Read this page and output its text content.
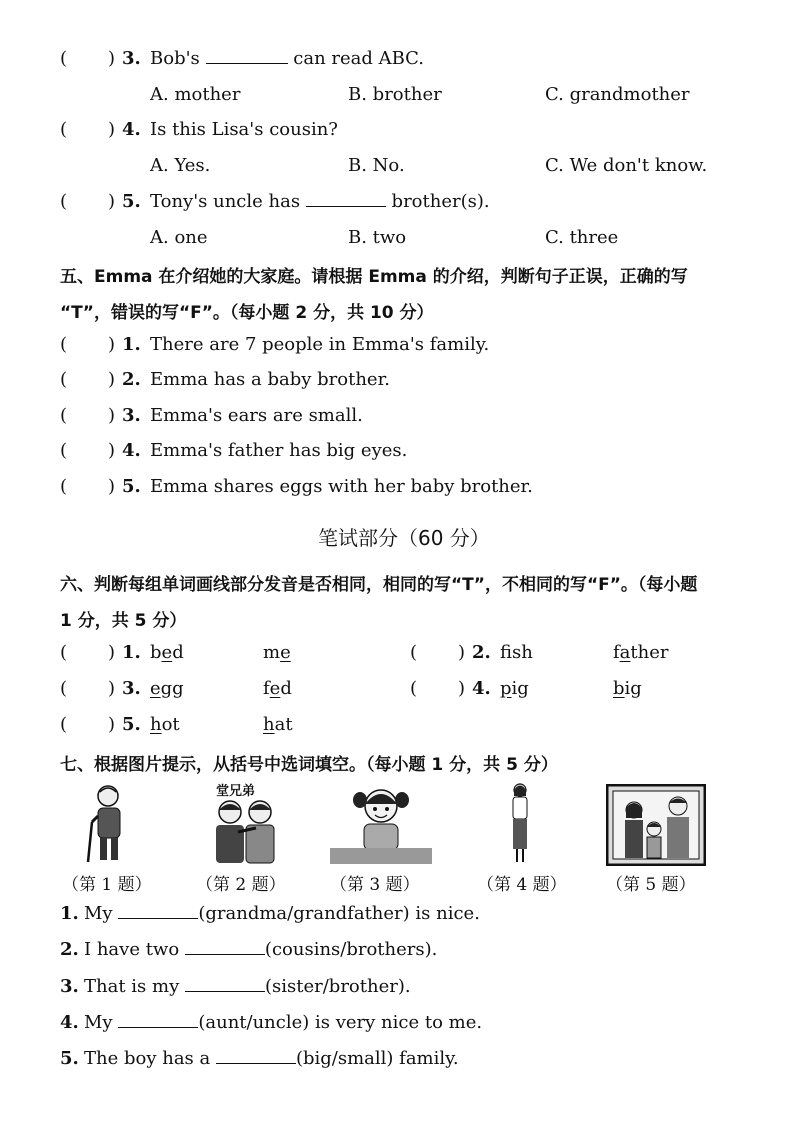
( ) 3. Bob's	can read ABC.
A. mother	B. brother	C. grandmother
( ) 4. Is this Lisa's cousin?
A. Yes.	B. No.	C. We don't know.
( ) 5. Tony's uncle has	brother(s).
A. one	B. two	C. three
五、Emma 在介绍她的大家庭。请根据 Emma 的介绍，判断句子正误，正确的写
“T”，错误的写“F”。（每小题 2 分，共 10 分）
( ) 1. There are 7 people in Emma's family.
( ) 2. Emma has a baby brother.
( ) 3. Emma's ears are small.
( ) 4. Emma's father has big eyes.
( ) 5. Emma shares eggs with her baby brother.
笔试部分（60 分）
六、判断每组单词画线部分发音是否相同，相同的写“T”，不相同的写“F”。（每小题
1 分，共 5 分）
( ) 1. bed	me	( ) 2. fsh	father
( ) 3. egg	fed	( ) 4. pig	big
( ) 5. hot	hat
七、根据图片提示，从括号中选词填空。（每小题 1 分，共 5 分）
堂兄弟
（第 1 题）	（第 2 题）	（第 3 题）	（第 4 题） （第 5 题）
1. My	(grandma/grandfather) is nice.
2. I have two	(cousins/brothers).
3. That is my	(sister/brother).
4. My	(aunt/uncle) is very nice to me.
5. The boy has a	(big/small) family.
